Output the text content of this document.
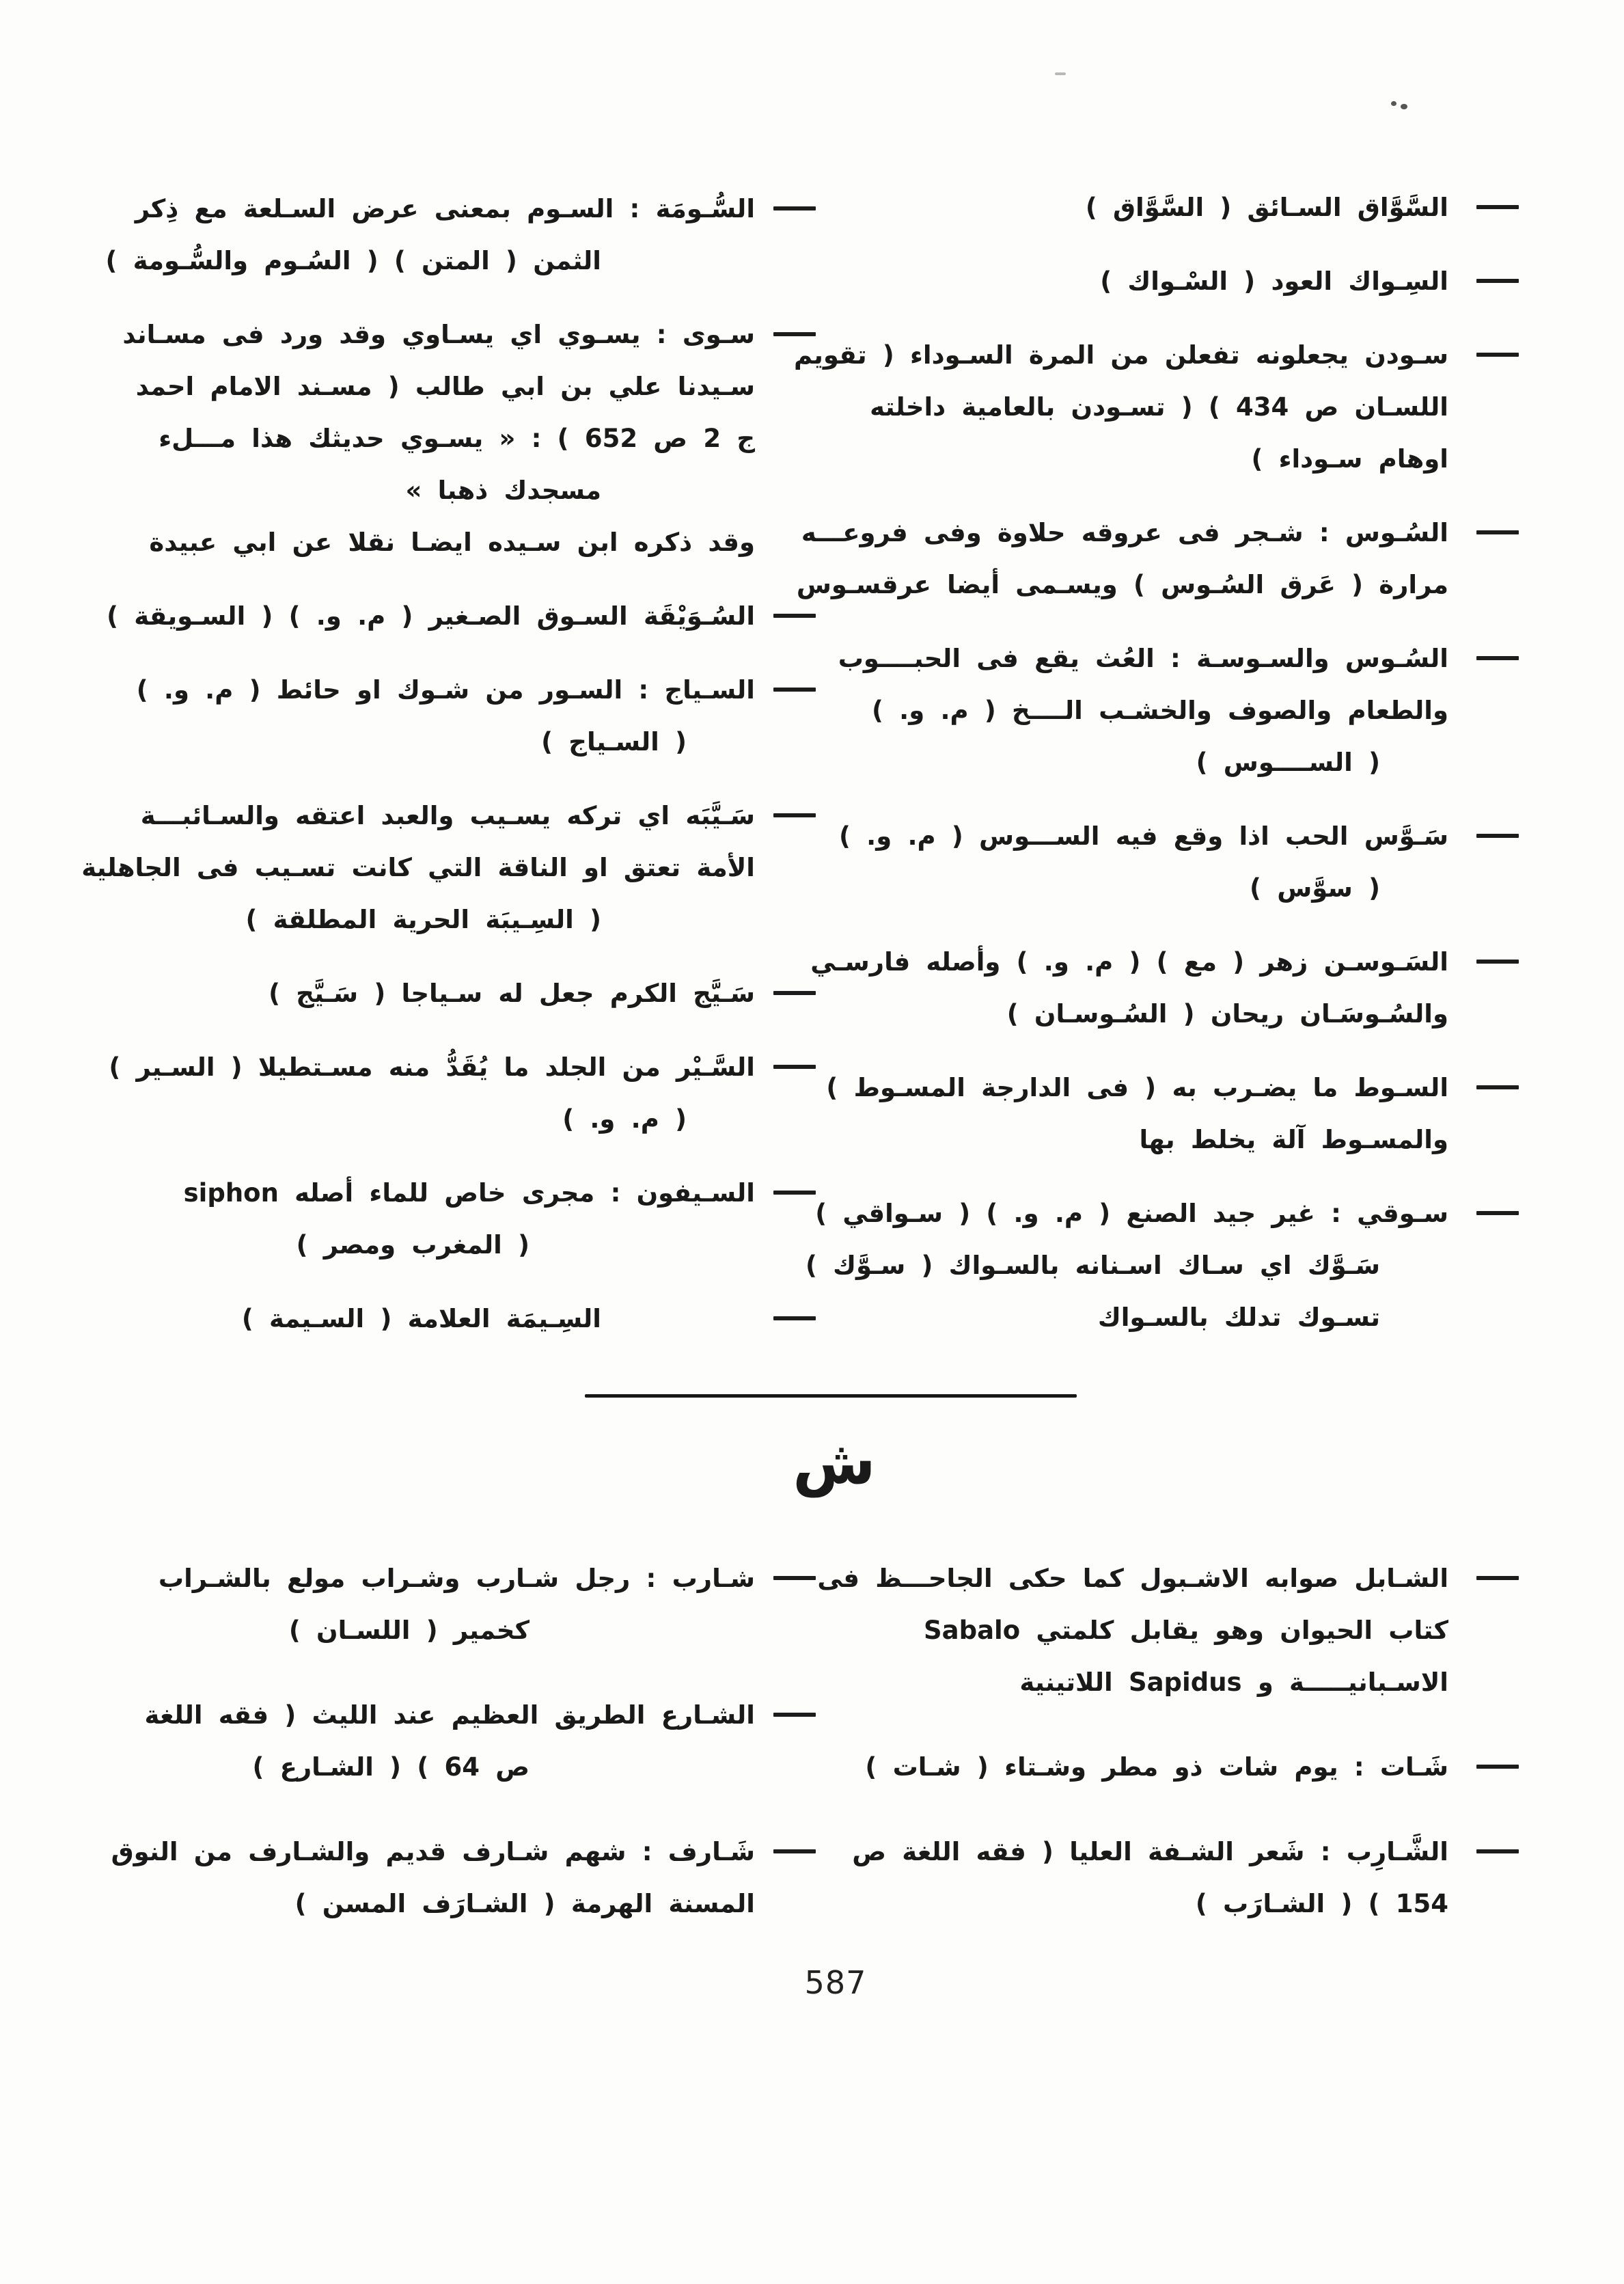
السَّوَّاق السـائق ( السَّوَّاق )
السِـواك العود ( السْـواك )
سـودن يجعلونه تفعلن من المرة السـوداء ( تقويم
اللسـان ص 434 ) ( تسـودن بالعامية داخلته
اوهام سـوداء )
السُـوس : شـجر فى عروقه حلاوة وفى فروعـــه
مرارة ( عَرق السُـوس ) ويسـمى أيضا عرقسـوس
السُـوس والسـوسـة : العُث يقع فى الحبــــوب
والطعام والصوف والخشـب الــــخ ( م. و. )
( الســــوس )
سَـوَّس الحب اذا وقع فيه الســـوس ( م. و. )
( سوَّس )
السَـوسـن زهر ( مع ) ( م. و. ) وأصله فارسـي
والسُـوسَـان ريحان ( السُـوسـان )
السـوط ما يضـرب به ( فى الدارجة المسـوط )
والمسـوط آلة يخلط بها
سـوقي : غير جيد الصنع ( م. و. ) ( سـواقي )
سَـوَّك اي سـاك اسـنانه بالسـواك ( سـوَّك )
تسـوك تدلك بالسـواك
السُّـومَة : السـوم بمعنى عرض السـلعة مع ذِكر
الثمن ( المتن ) ( السُـوم والسُّـومة )
سـوى : يسـوي اي يسـاوي وقد ورد فى مسـاند
سـيدنا علي بن ابي طالب ( مسـند الامام احمد
ج 2 ص 652 ) : « يسـوي حديثك هذا مـــلء
مسجدك ذهبا »
وقد ذكره ابن سـيده ايضـا نقلا عن ابي عبيدة
السُـوَيْقَة السـوق الصـغير ( م. و. ) ( السـويقة )
السـياج : السـور من شـوك او حائط ( م. و. )
( السـياج )
سَـيَّبَه اي تركه يسـيب والعبد اعتقه والسـائبـــة
الأمة تعتق او الناقة التي كانت تسـيب فى الجاهلية
( السِـيبَة الحرية المطلقة )
سَـيَّج الكرم جعل له سـياجا ( سَـيَّج )
السَّـيْر من الجلد ما يُقَدُّ منه مسـتطيلا ( السـير )
( م. و. )
السـيفون : مجرى خاص للماء أصله siphon
( المغرب ومصر )
السِـيمَة العلامة ( السـيمة )
ش
الشـابل صوابه الاشـبول كما حكى الجاحـــظ فى
كتاب الحيوان وهو يقابل كلمتي Sabalo
الاسـبانيـــــة و Sapidus اللاتينية
شَـات : يوم شات ذو مطر وشـتاء ( شـات )
الشَّـارِب : شَعر الشـفة العليا ( فقه اللغة ص
154 ) ( الشـارَب )
شـارب : رجل شـارب وشـراب مولع بالشـراب
كخمير ( اللسـان )
الشـارع الطريق العظيم عند الليث ( فقه اللغة
ص 64 ) ( الشـارع )
شَـارف : شهم شـارف قديم والشـارف من النوق
المسنة الهرمة ( الشـارَف المسن )
587
